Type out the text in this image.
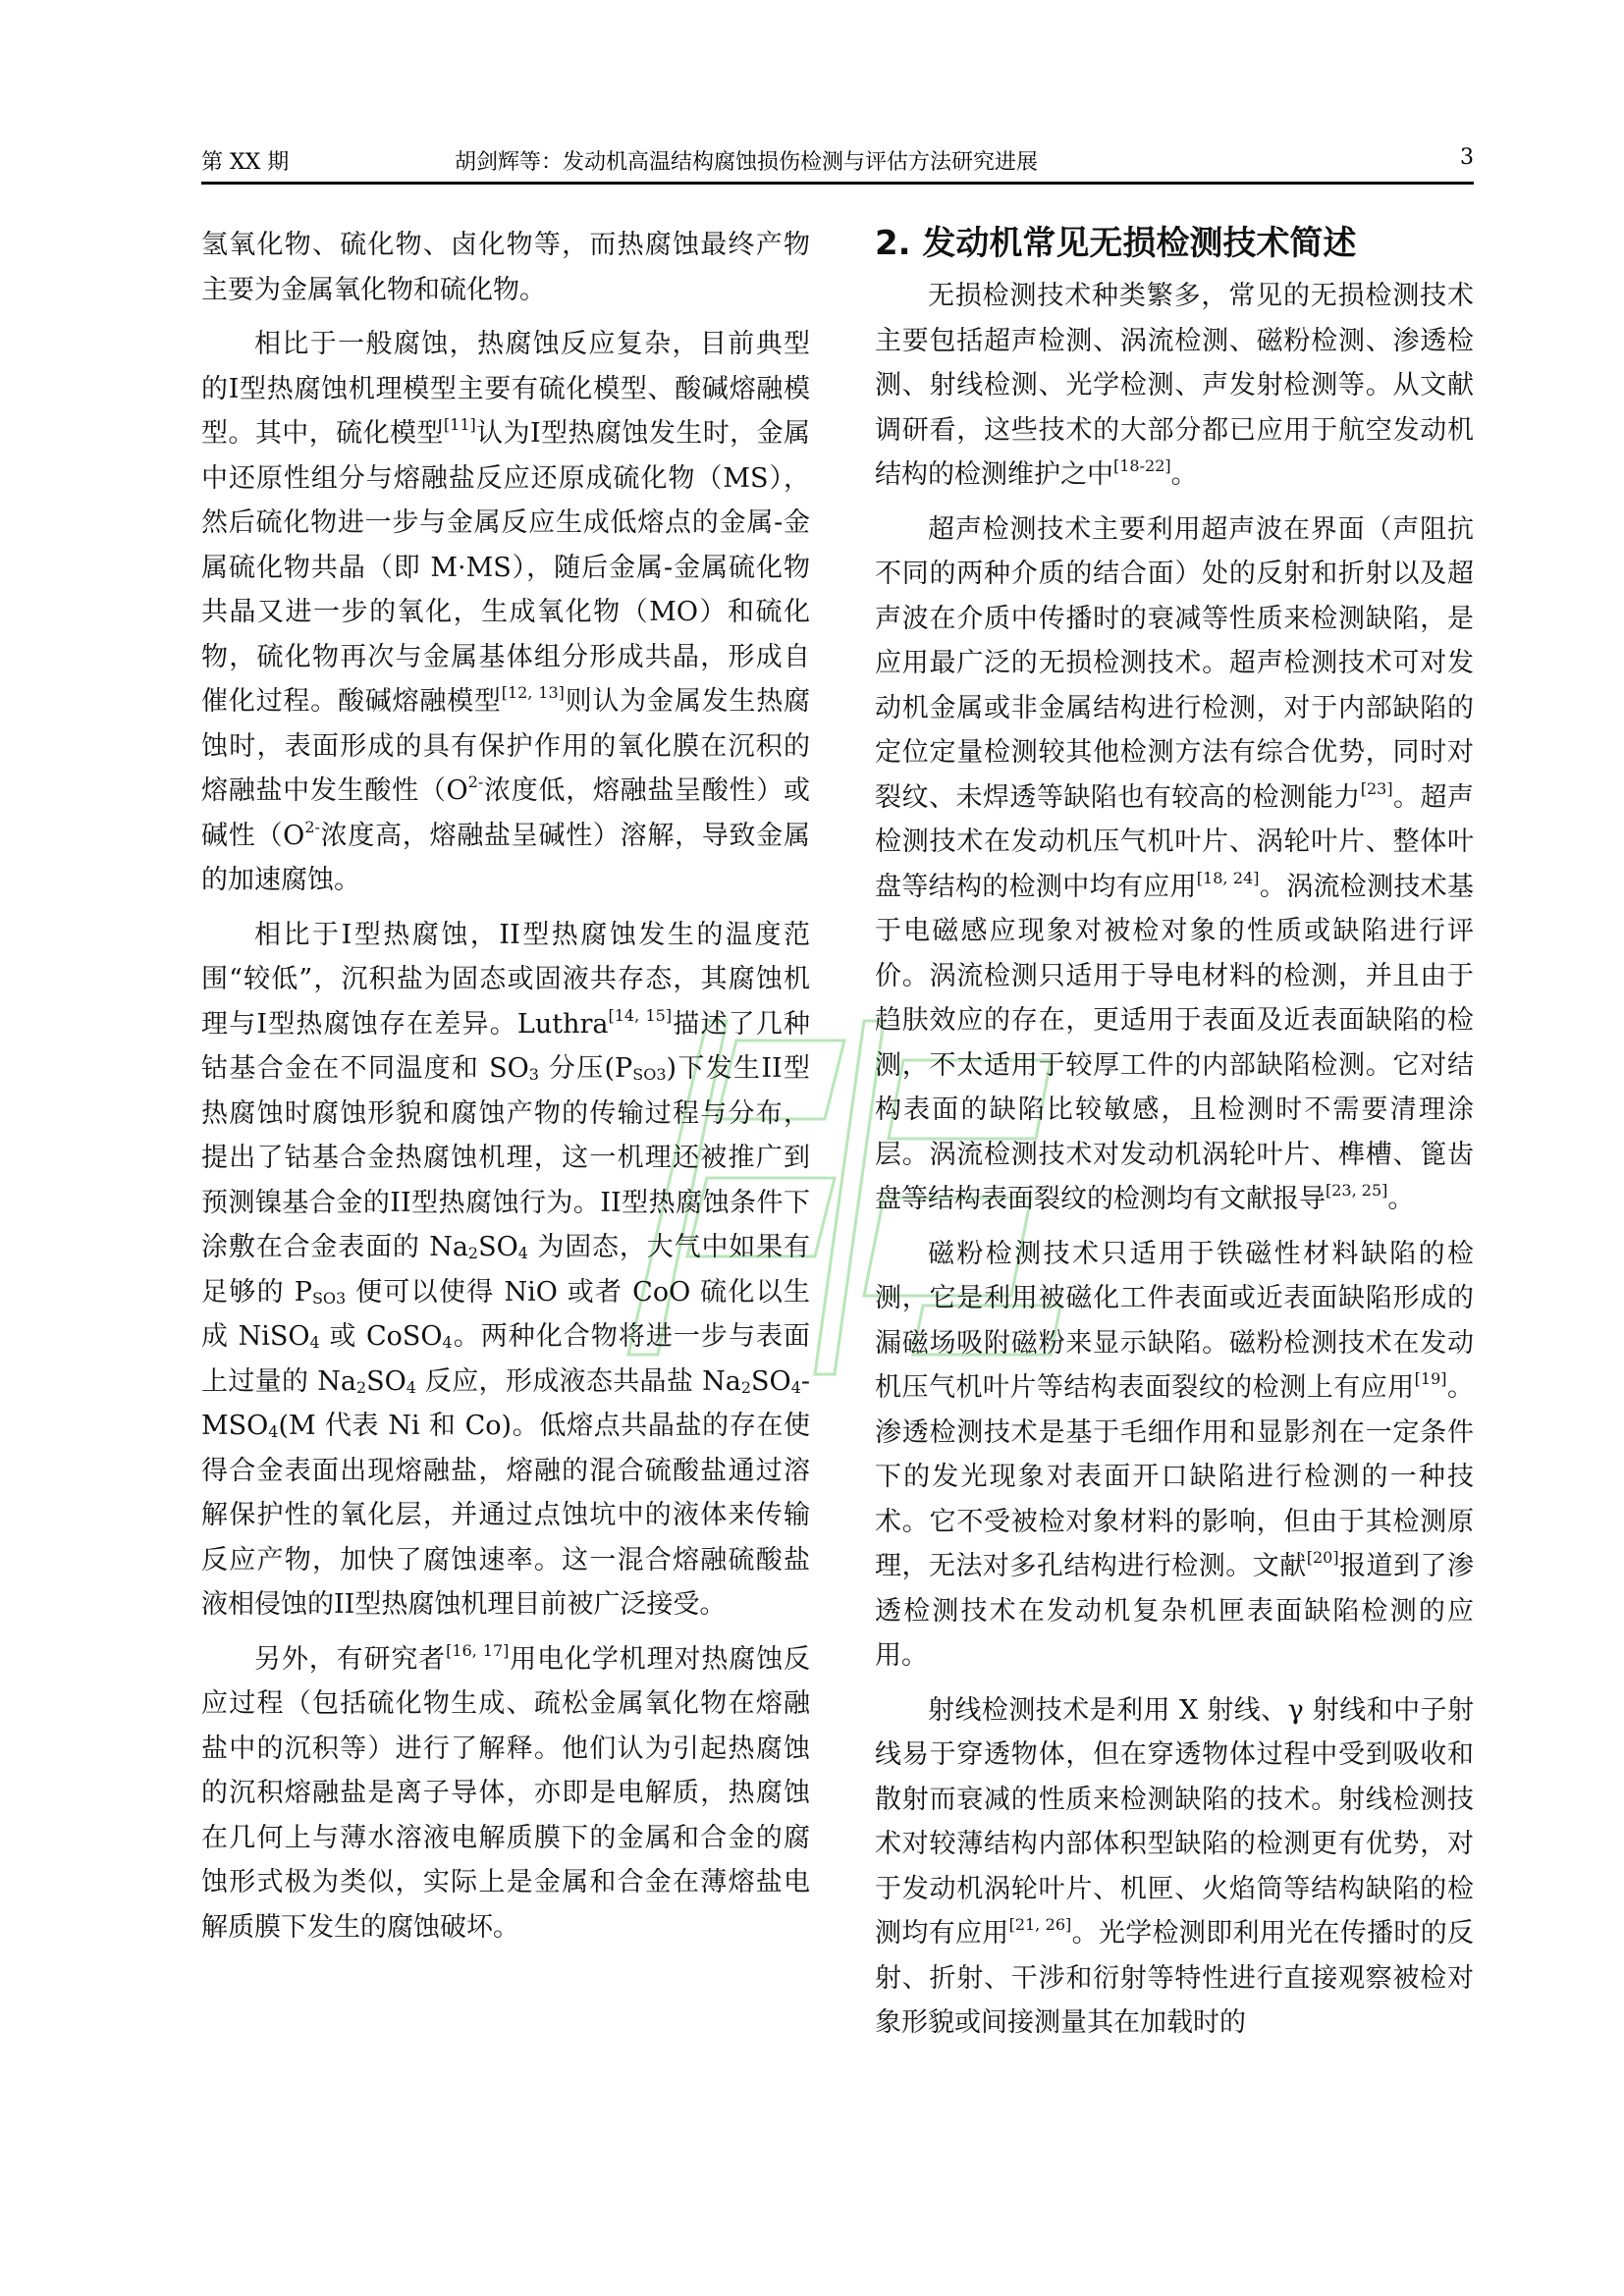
第 XX 期	胡剑辉等：发动机高温结构腐蚀损伤检测与评估方法研究进展	3

氢氧化物、硫化物、卤化物等，而热腐蚀最终产物主要为金属氧化物和硫化物。

相比于一般腐蚀，热腐蚀反应复杂，目前典型的I型热腐蚀机理模型主要有硫化模型、酸碱熔融模型。其中，硫化模型[11]认为I型热腐蚀发生时，金属中还原性组分与熔融盐反应还原成硫化物（MS），然后硫化物进一步与金属反应生成低熔点的金属-金属硫化物共晶（即 M·MS），随后金属-金属硫化物共晶又进一步的氧化，生成氧化物（MO）和硫化物，硫化物再次与金属基体组分形成共晶，形成自催化过程。酸碱熔融模型[12, 13]则认为金属发生热腐蚀时，表面形成的具有保护作用的氧化膜在沉积的熔融盐中发生酸性（$O^{2-}$浓度低，熔融盐呈酸性）或碱性（$O^{2-}$浓度高，熔融盐呈碱性）溶解，导致金属的加速腐蚀。

相比于I型热腐蚀，II型热腐蚀发生的温度范围“较低”，沉积盐为固态或固液共存态，其腐蚀机理与I型热腐蚀存在差异。Luthra[14, 15]描述了几种钴基合金在不同温度和 $SO_3$ 分压$(P_{SO3})$下发生II型热腐蚀时腐蚀形貌和腐蚀产物的传输过程与分布，提出了钴基合金热腐蚀机理，这一机理还被推广到预测镍基合金的II型热腐蚀行为。II型热腐蚀条件下涂敷在合金表面的 $Na_2SO_4$ 为固态，大气中如果有足够的 $P_{SO3}$ 便可以使得 NiO 或者 CoO 硫化以生成 NiSO$_4$ 或 CoSO$_4$。两种化合物将进一步与表面上过量的 $Na_2SO_4$ 反应，形成液态共晶盐 $Na_2SO_4-MSO_4(M$ 代表 Ni 和 Co)。低熔点共晶盐的存在使得合金表面出现熔融盐，熔融的混合硫酸盐通过溶解保护性的氧化层，并通过点蚀坑中的液体来传输反应产物，加快了腐蚀速率。这一混合熔融硫酸盐液相侵蚀的II型热腐蚀机理目前被广泛接受。

另外，有研究者[16, 17]用电化学机理对热腐蚀反应过程（包括硫化物生成、疏松金属氧化物在熔融盐中的沉积等）进行了解释。他们认为引起热腐蚀的沉积熔融盐是离子导体，亦即是电解质，热腐蚀在几何上与薄水溶液电解质膜下的金属和合金的腐蚀形式极为类似，实际上是金属和合金在薄熔盐电解质膜下发生的腐蚀破坏。

2. 发动机常见无损检测技术简述

无损检测技术种类繁多，常见的无损检测技术主要包括超声检测、涡流检测、磁粉检测、渗透检测、射线检测、光学检测、声发射检测等。从文献调研看，这些技术的大部分都已应用于航空发动机结构的检测维护之中[18-22]。

超声检测技术主要利用超声波在界面（声阻抗不同的两种介质的结合面）处的反射和折射以及超声波在介质中传播时的衰减等性质来检测缺陷，是应用最广泛的无损检测技术。超声检测技术可对发动机金属或非金属结构进行检测，对于内部缺陷的定位定量检测较其他检测方法有综合优势，同时对裂纹、未焊透等缺陷也有较高的检测能力[23]。超声检测技术在发动机压气机叶片、涡轮叶片、整体叶盘等结构的检测中均有应用[18, 24]。涡流检测技术基于电磁感应现象对被检对象的性质或缺陷进行评价。涡流检测只适用于导电材料的检测，并且由于趋肤效应的存在，更适用于表面及近表面缺陷的检测，不太适用于较厚工件的内部缺陷检测。它对结构表面的缺陷比较敏感，且检测时不需要清理涂层。涡流检测技术对发动机涡轮叶片、榫槽、篦齿盘等结构表面裂纹的检测均有文献报导[23, 25]。

磁粉检测技术只适用于铁磁性材料缺陷的检测，它是利用被磁化工件表面或近表面缺陷形成的漏磁场吸附磁粉来显示缺陷。磁粉检测技术在发动机压气机叶片等结构表面裂纹的检测上有应用[19]。渗透检测技术是基于毛细作用和显影剂在一定条件下的发光现象对表面开口缺陷进行检测的一种技术。它不受被检对象材料的影响，但由于其检测原理，无法对多孔结构进行检测。文献[20]报道到了渗透检测技术在发动机复杂机匣表面缺陷检测的应用。

射线检测技术是利用 X 射线、γ 射线和中子射线易于穿透物体，但在穿透物体过程中受到吸收和散射而衰减的性质来检测缺陷的技术。射线检测技术对较薄结构内部体积型缺陷的检测更有优势，对于发动机涡轮叶片、机匣、火焰筒等结构缺陷的检测均有应用[21, 26]。光学检测即利用光在传播时的反射、折射、干涉和衍射等特性进行直接观察被检对象形貌或间接测量其在加载时的
